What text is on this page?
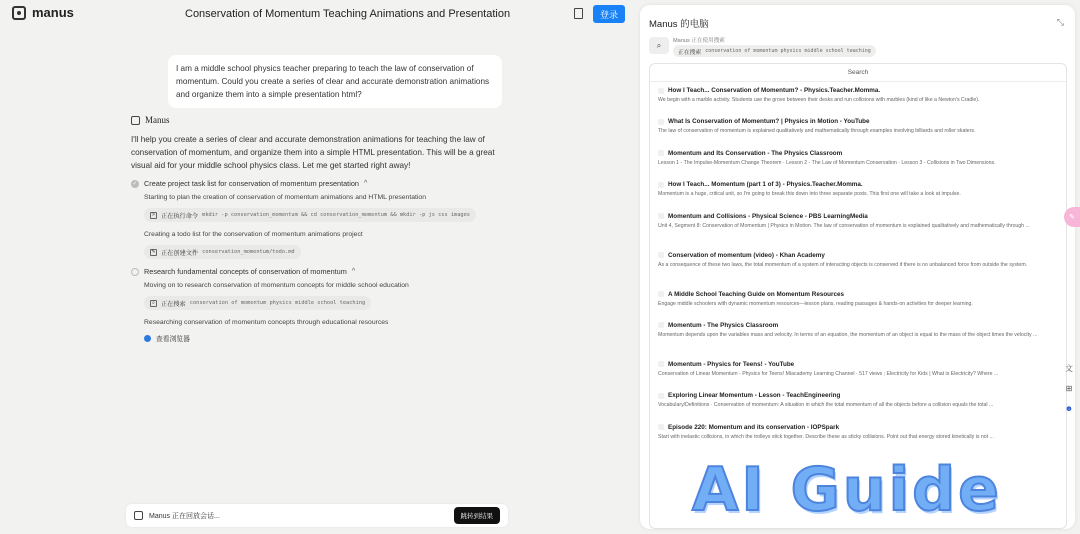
manus	Conservation of Momentum Teaching Animations and Presentation	登录
I am a middle school physics teacher preparing to teach the law of conservation of momentum. Could you create a series of clear and accurate demonstration animations and organize them into a simple presentation html?
Manus
I'll help you create a series of clear and accurate demonstration animations for teaching the law of conservation of momentum, and organize them into a simple HTML presentation. This will be a great visual aid for your middle school physics class. Let me get started right away!
✓ Create project task list for conservation of momentum presentation ^
Starting to plan the creation of conservation of momentum animations and HTML presentation
> 正在执行命令 mkdir -p conservation_momentum && cd conservation_momentum && mkdir -p js css images
Creating a todo list for the conservation of momentum animations project
✎ 正在创建文件 conservation_momentum/todo.md
Research fundamental concepts of conservation of momentum ^
Moving on to research conservation of momentum concepts for middle school education
⌕ 正在搜索 conservation of momentum physics middle school teaching
Researching conservation of momentum concepts through educational resources
查看浏览器
Manus 正在回放会话...	跳转到结果
Manus 的电脑	⤡
⌕	Manus 正在使用搜索
正在搜索 conservation of momentum physics middle school teaching
Search
How I Teach... Conservation of Momentum? - Physics.Teacher.Momma.
We begin with a marble activity. Students use the grove between their desks and run collisions with marbles (kind of like a Newton's Cradle).
What Is Conservation of Momentum? | Physics in Motion - YouTube
The law of conservation of momentum is explained qualitatively and mathematically through examples involving billiards and roller skaters.
Momentum and Its Conservation - The Physics Classroom
Lesson 1 - The Impulse-Momentum Change Theorem · Lesson 2 - The Law of Momentum Conservation · Lesson 3 - Collisions in Two Dimensions.
How I Teach... Momentum (part 1 of 3) - Physics.Teacher.Momma.
Momentum is a huge, critical unit, so I'm going to break this down into three separate posts. This first one will take a look at impulse.
Momentum and Collisions - Physical Science - PBS LearningMedia
Unit 4, Segment 8: Conservation of Momentum | Physics in Motion. The law of conservation of momentum is explained qualitatively and mathematically through ...
Conservation of momentum (video) - Khan Academy
As a consequence of these two laws, the total momentum of a system of interacting objects is conserved if there is no unbalanced force from outside the system.
A Middle School Teaching Guide on Momentum Resources
Engage middle schoolers with dynamic momentum resources—lesson plans, reading passages & hands-on activities for deeper learning.
Momentum - The Physics Classroom
Momentum depends upon the variables mass and velocity. In terms of an equation, the momentum of an object is equal to the mass of the object times the velocity ...
Momentum - Physics for Teens! - YouTube
Conservation of Linear Momentum - Physics for Teens! Miacademy Learning Channel · 517 views ; Electricity for Kids | What is Electricity? Where ...
Exploring Linear Momentum - Lesson - TeachEngineering
Vocabulary/Definitions · Conservation of momentum: A situation in which the total momentum of all the objects before a collision equals the total ...
Episode 220: Momentum and its conservation - IOPSpark
Start with inelastic collisions, in which the trolleys stick together. Describe these as sticky collisions. Point out that energy stored kinetically is not ...
✎
文
⊞
☻
AI Guide
